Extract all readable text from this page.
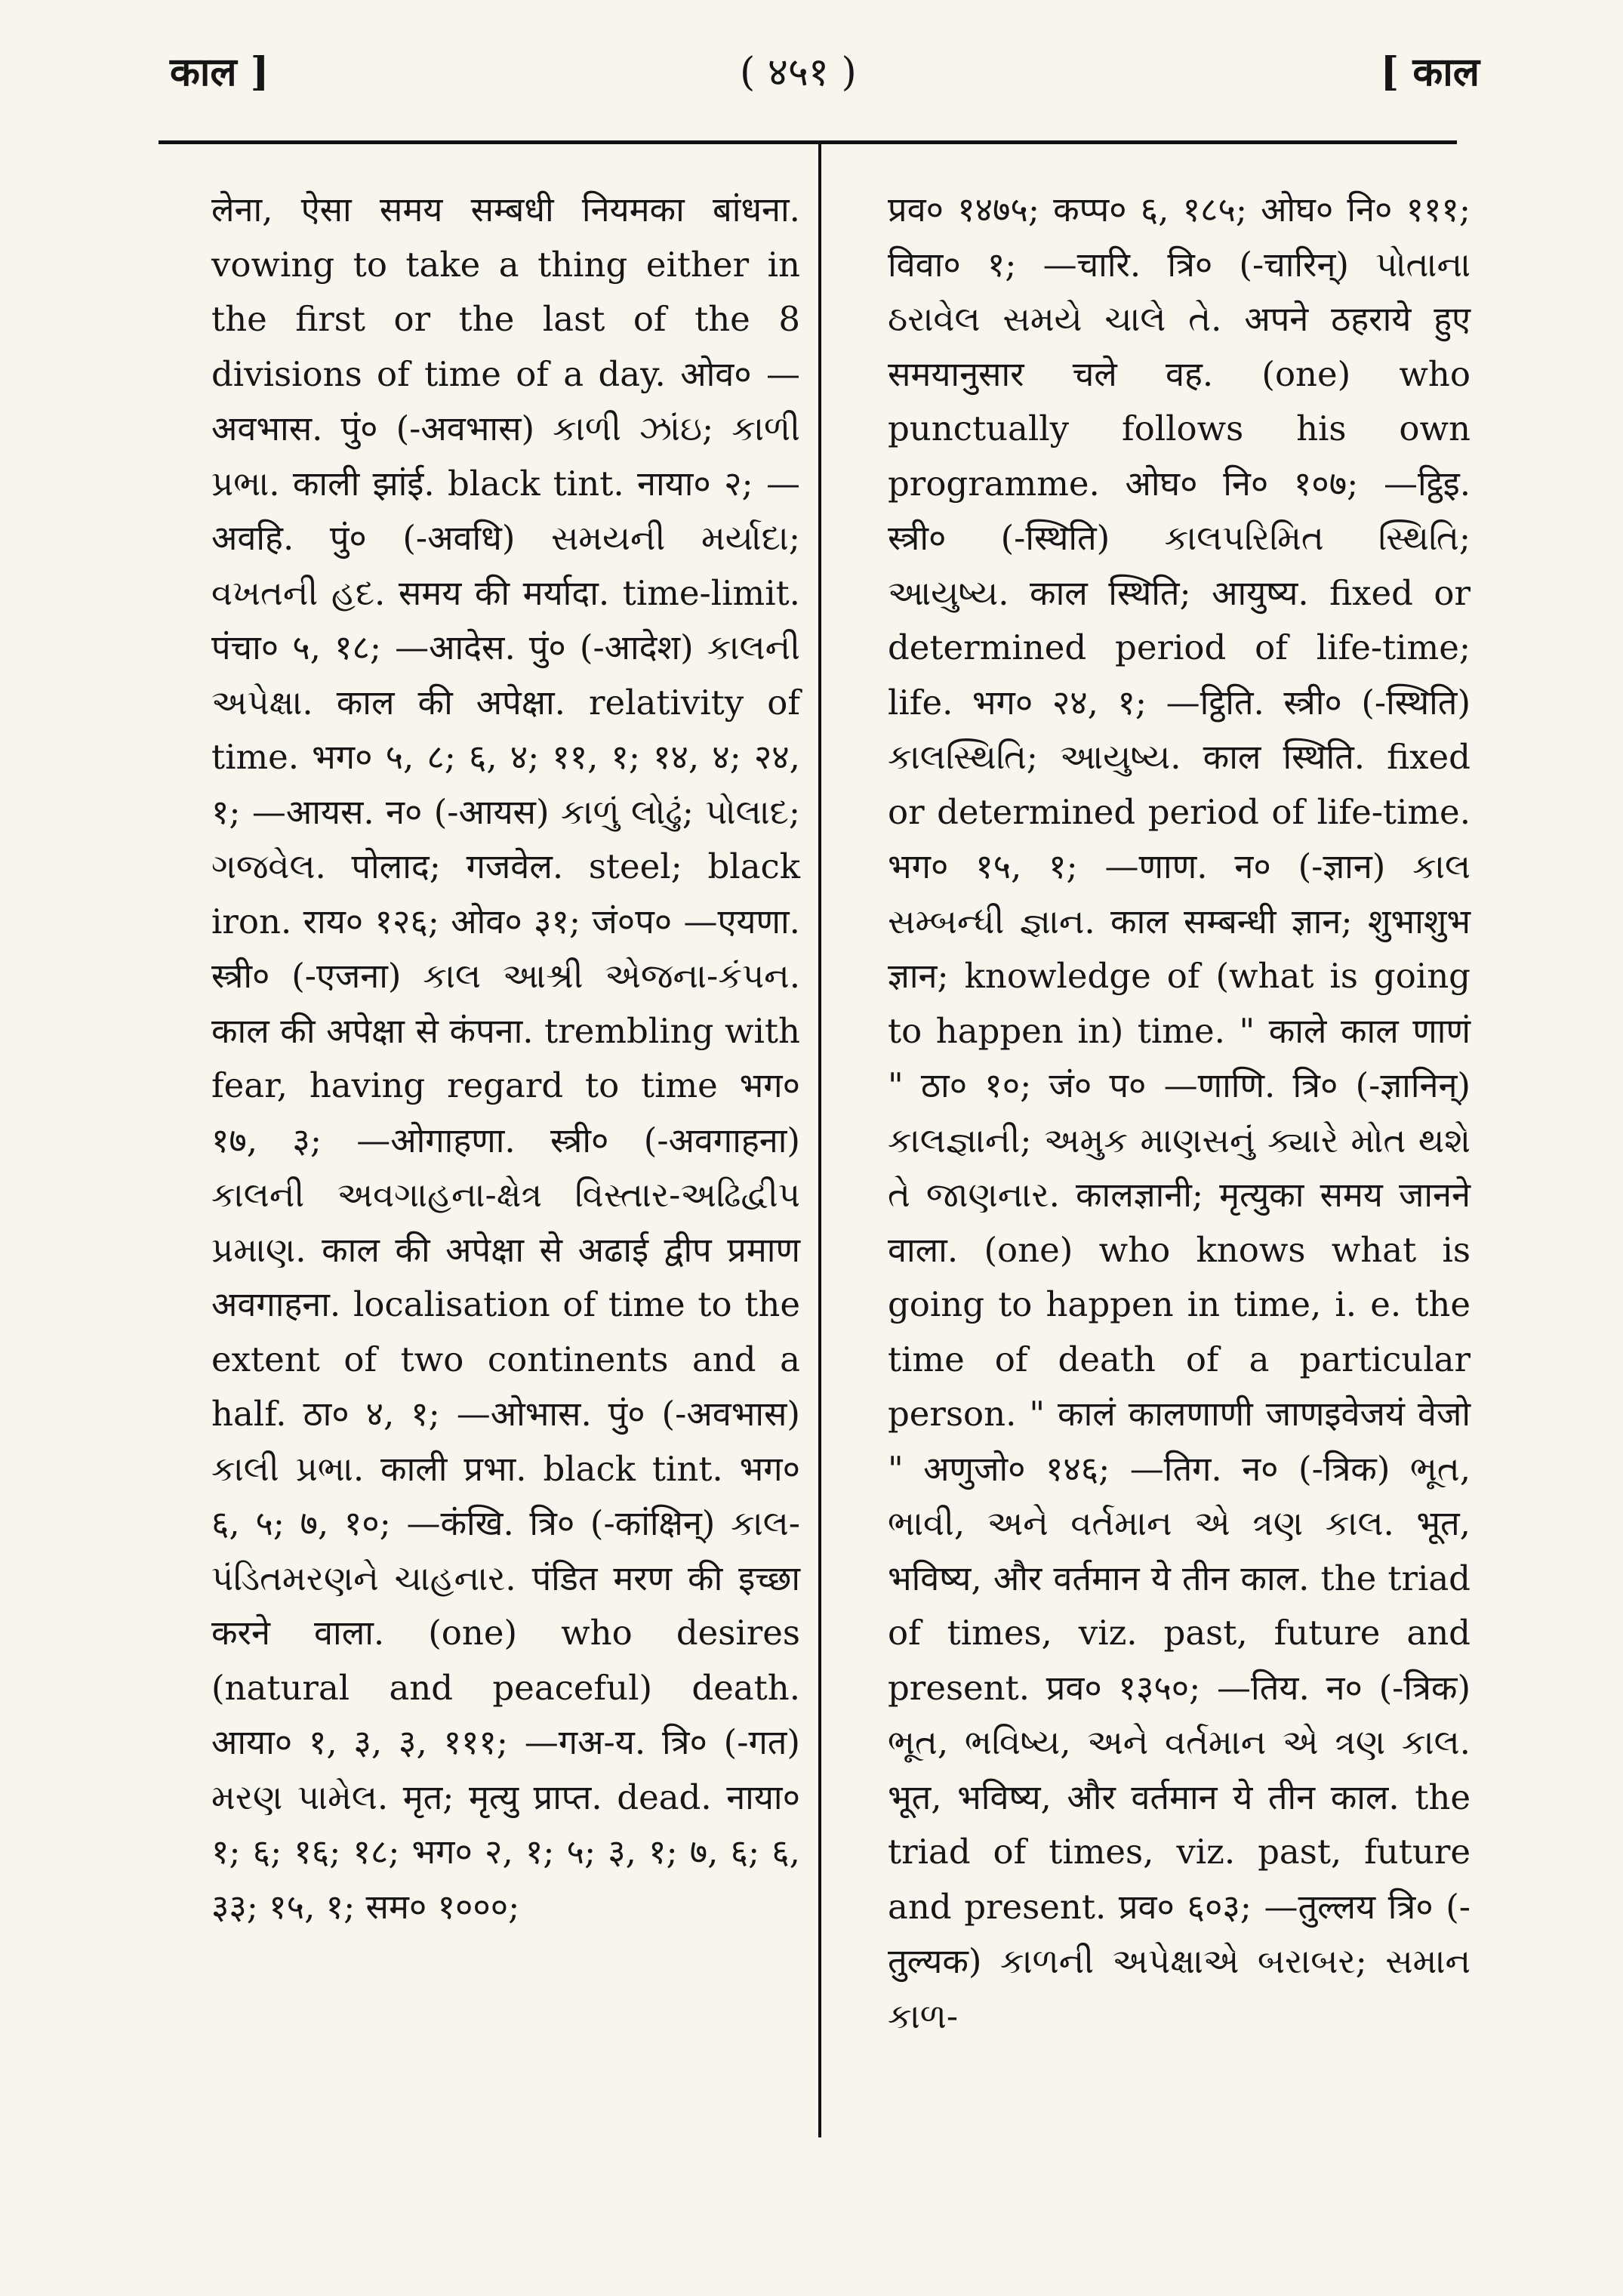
काल ]	( ४५१ )	[ काल

लेना, ऐसा समय सम्बधी नियमका बांधना. vowing to take a thing either in the first or the last of the 8 divisions of time of a day. ओव० —अवभास. पुं० (-अवभास) કાળી ઝાંઇ; કાળી પ્રભા. काली झांई. black tint. नाया० २; —अवहि. पुं० (-अवधि) સમયની મર્યાદા; વખતની હદ. समय की मर्यादा. time-limit. पंचा० ५, १८; —आदेस. पुं० (-आदेश) કાલની અપેક્ષા. काल की अपेक्षा. relativity of time. भग० ५, ८; ६, ४; ११, १; १४, ४; २४, १; —आयस. न० (-आयस) કાળું લોઢું; પોલાદ; ગજવેલ. पोलाद; गजवेल. steel; black iron. राय० १२६; ओव० ३१; जं०प० —एयणा. स्त्री० (-एजना) કાલ આશ્રી એજના-કંપન. काल की अपेक्षा से कंपना. trembling with fear, having regard to time भग० १७, ३; —ओगाहणा. स्त्री० (-अवगाहना) કાલની અવગાહના-ક્ષેત્ર વિસ્તાર-અઢિદ્વીપ પ્રમાણ. काल की अपेक्षा से अढाई द्वीप प्रमाण अवगाहना. localisation of time to the extent of two continents and a half. ठा० ४, १; —ओभास. पुं० (-अवभास) કાલી પ્રભા. काली प्रभा. black tint. भग० ६, ५; ७, १०; —कंखि. त्रि० (-कांक्षिन्) કાલ-પંડિતમરણને ચાહનાર. पंडित मरण की इच्छा करने वाला. (one) who desires (natural and peaceful) death. आया० १, ३, ३, १११; —गअ-य. त्रि० (-गत) મરણ પામેલ. मृत; मृत्यु प्राप्त. dead. नाया० १; ६; १६; १८; भग० २, १; ५; ३, १; ७, ६; ६, ३३; १५, १; सम० १०००;

प्रव० १४७५; कप्प० ६, १८५; ओघ० नि० १११; विवा० १; —चारि. त्रि० (-चारिन्) પોતાના ઠરાવેલ સમયે ચાલે તે. अपने ठहराये हुए समयानुसार चले वह. (one) who punctually follows his own programme. ओघ० नि० १०७; —ट्ठिइ. स्त्री० (-स्थिति) કાલપરિમિત સ્થિતિ; આયુષ્ય. काल स्थिति; आयुष्य. fixed or determined period of life-time; life. भग० २४, १; —ट्ठिति. स्त्री० (-स्थिति) કાલસ્થિતિ; આયુષ્ય. काल स्थिति. fixed or determined period of life-time. भग० १५, १; —णाण. न० (-ज्ञान) કાલ સમ્બન્ધી જ્ઞાન. काल सम्बन्धी ज्ञान; शुभाशुभ ज्ञान; knowledge of (what is going to happen in) time. " काले काल णाणं " ठा० १०; जं० प० —णाणि. त्रि० (-ज्ञानिन्) કાલજ્ઞાની; અમુક માણસનું ક્યારે મોત થશે તે જાણનાર. कालज्ञानी; मृत्युका समय जानने वाला. (one) who knows what is going to happen in time, i. e. the time of death of a particular person. " कालं कालणाणी जाणइवेजयं वेजो " अणुजो० १४६; —तिग. न० (-त्रिक) ભૂત, ભાવી, અને વર્તમાન એ ત્રણ કાલ. भूत, भविष्य, और वर्तमान ये तीन काल. the triad of times, viz. past, future and present. प्रव० १३५०; —तिय. न० (-त्रिक) ભૂત, ભવિષ્ય, અને વર્તમાન એ ત્રણ કાલ. भूत, भविष्य, और वर्तमान ये तीन काल. the triad of times, viz. past, future and present. प्रव० ६०३; —तुल्लय त्रि० (-तुल्यक) કાળની અપેક્ષાએ બરાબર; સમાન કાળ-
